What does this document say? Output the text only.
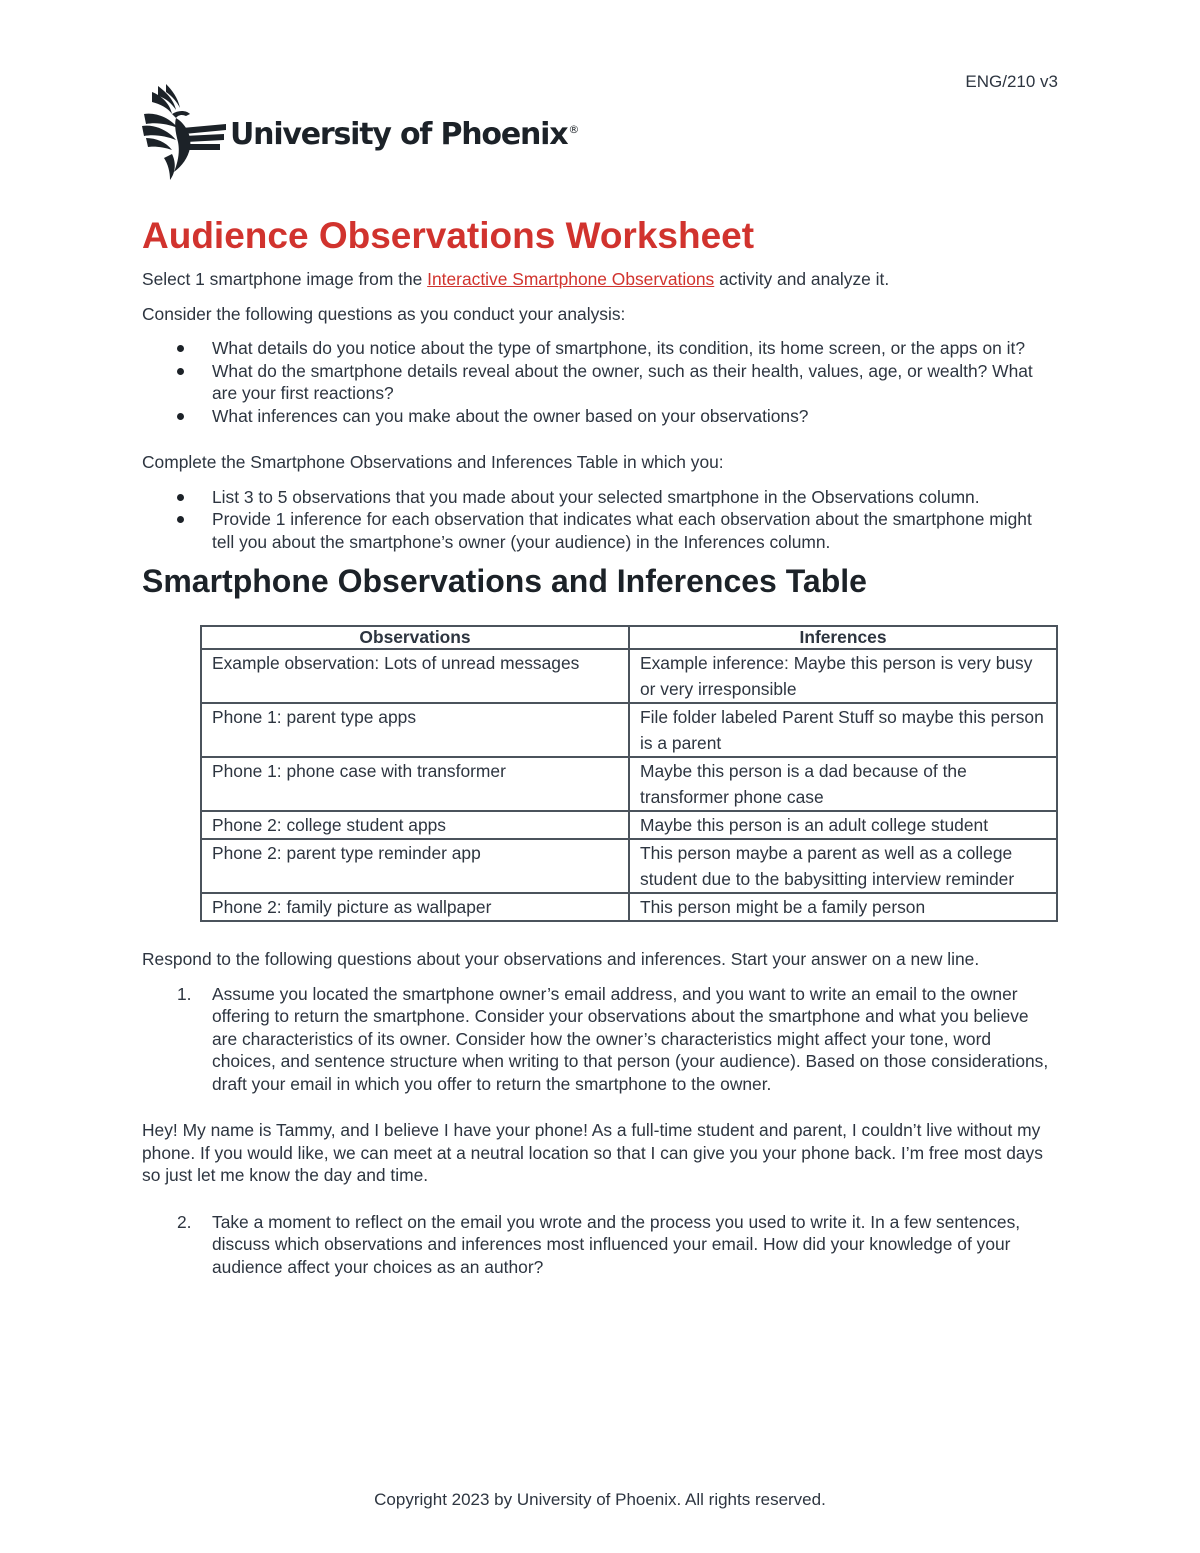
ENG/210 v3
University of Phoenix®
Audience Observations Worksheet

Select 1 smartphone image from the Interactive Smartphone Observations activity and analyze it.

Consider the following questions as you conduct your analysis:

What details do you notice about the type of smartphone, its condition, its home screen, or the apps on it?
What do the smartphone details reveal about the owner, such as their health, values, age, or wealth? What are your first reactions?
What inferences can you make about the owner based on your observations?

Complete the Smartphone Observations and Inferences Table in which you:

List 3 to 5 observations that you made about your selected smartphone in the Observations column.
Provide 1 inference for each observation that indicates what each observation about the smartphone might tell you about the smartphone’s owner (your audience) in the Inferences column.
Smartphone Observations and Inferences Table
Observations	Inferences
Example observation: Lots of unread messages	Example inference: Maybe this person is very busy or very irresponsible
Phone 1: parent type apps	File folder labeled Parent Stuff so maybe this person is a parent
Phone 1: phone case with transformer	Maybe this person is a dad because of the transformer phone case
Phone 2: college student apps	Maybe this person is an adult college student
Phone 2: parent type reminder app	This person maybe a parent as well as a college student due to the babysitting interview reminder
Phone 2: family picture as wallpaper	This person might be a family person

Respond to the following questions about your observations and inferences. Start your answer on a new line.

1. Assume you located the smartphone owner’s email address, and you want to write an email to the owner offering to return the smartphone. Consider your observations about the smartphone and what you believe are characteristics of its owner. Consider how the owner’s characteristics might affect your tone, word choices, and sentence structure when writing to that person (your audience). Based on those considerations, draft your email in which you offer to return the smartphone to the owner.

Hey! My name is Tammy, and I believe I have your phone! As a full-time student and parent, I couldn’t live without my phone. If you would like, we can meet at a neutral location so that I can give you your phone back. I’m free most days so just let me know the day and time.

2. Take a moment to reflect on the email you wrote and the process you used to write it. In a few sentences, discuss which observations and inferences most influenced your email. How did your knowledge of your audience affect your choices as an author?
Copyright 2023 by University of Phoenix. All rights reserved.
